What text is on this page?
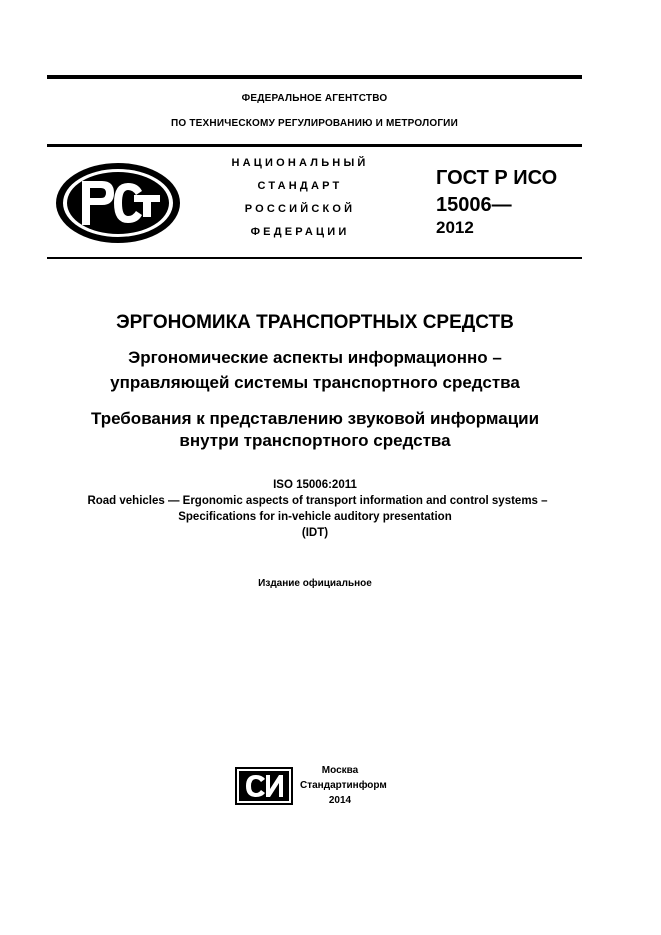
ФЕДЕРАЛЬНОЕ АГЕНТСТВО
ПО ТЕХНИЧЕСКОМУ РЕГУЛИРОВАНИЮ И МЕТРОЛОГИИ
НАЦИОНАЛЬНЫЙ
СТАНДАРТ
РОССИЙСКОЙ
ФЕДЕРАЦИИ
ГОСТ Р ИСО
15006—
2012
ЭРГОНОМИКА ТРАНСПОРТНЫХ СРЕДСТВ
Эргономические аспекты информационно –
управляющей системы транспортного средства
Требования к представлению звуковой информации
внутри транспортного средства
ISO 15006:2011
Road vehicles — Ergonomic aspects of transport information and control systems –
Specifications for in-vehicle auditory presentation
(IDT)
Издание официальное
Москва
Стандартинформ
2014
